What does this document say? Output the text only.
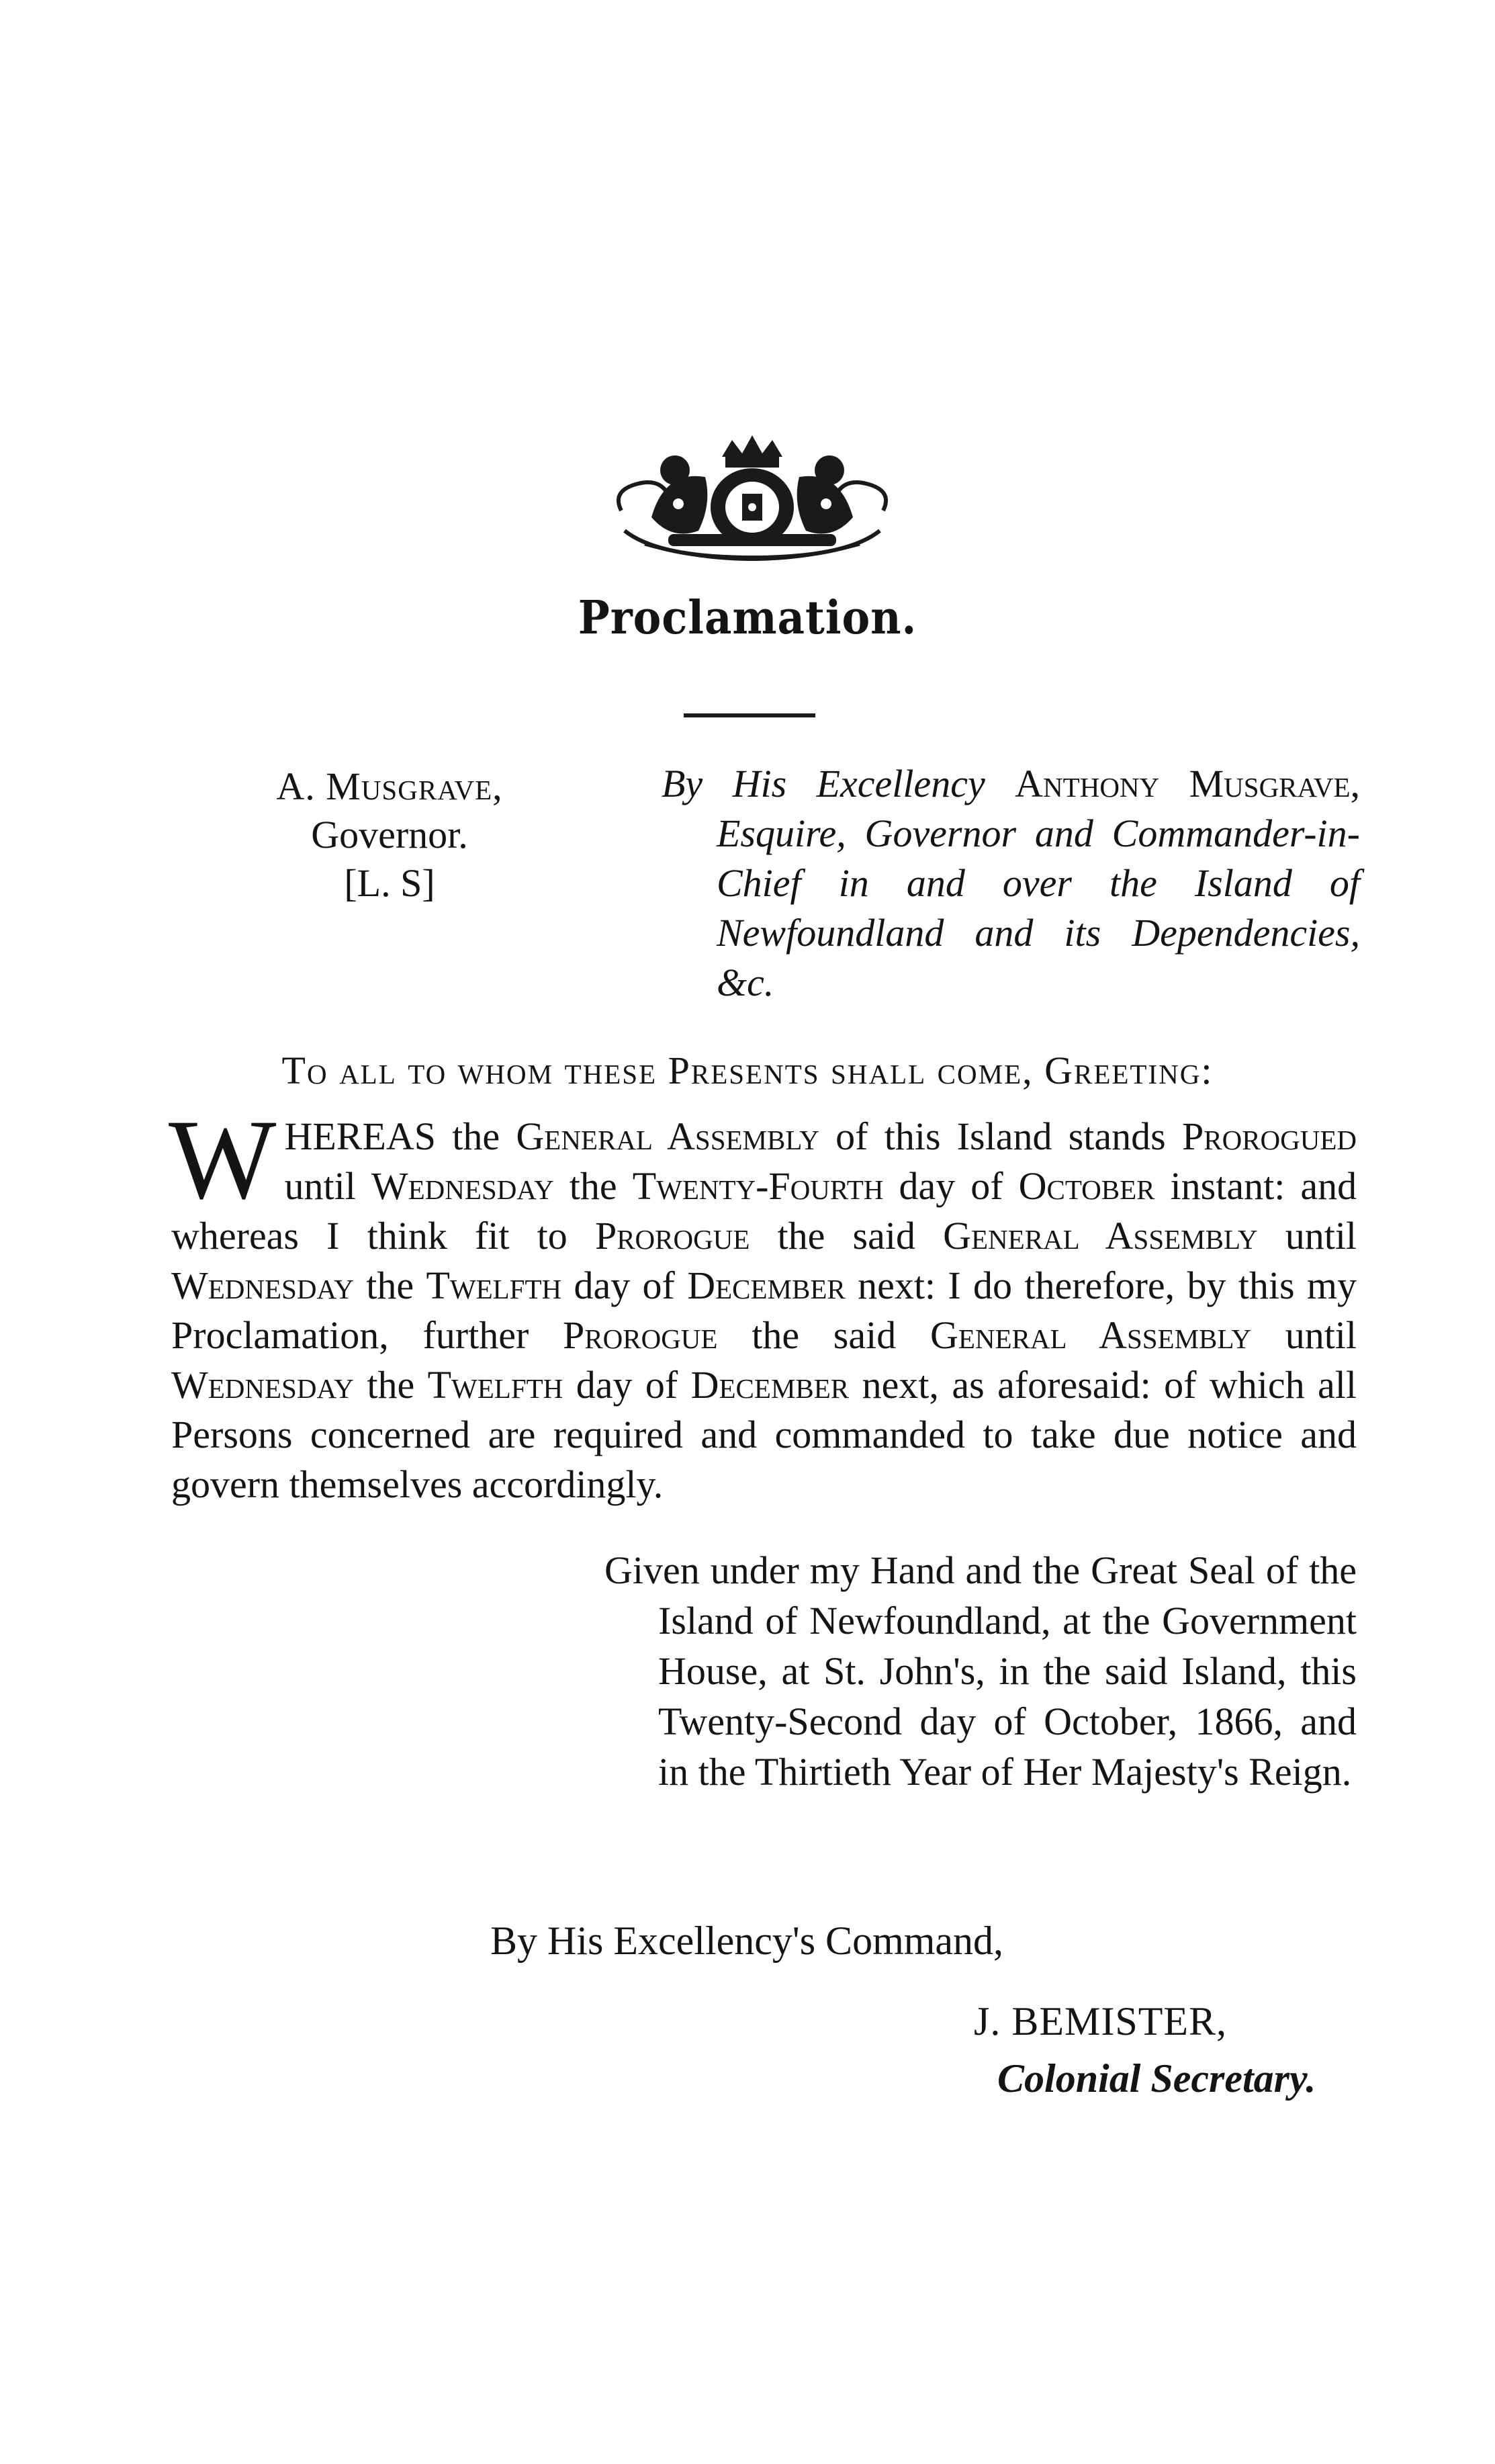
Proclamation.
A. Musgrave,
Governor.
[L. S]
By His Excellency Anthony Musgrave, Esquire, Governor and Commander-in-Chief in and over the Island of Newfoundland and its Dependencies, &c.
To all to whom these Presents shall come, Greeting:
W HEREAS the General Assembly of this Island stands Prorogued until Wednesday the Twenty-Fourth day of October instant: and whereas I think fit to Prorogue the said General Assembly until Wednesday the Twelfth day of December next: I do therefore, by this my Proclamation, further Prorogue the said General Assembly until Wednesday the Twelfth day of December next, as aforesaid: of which all Persons concerned are required and commanded to take due notice and govern themselves accordingly.
Given under my Hand and the Great Seal of the Island of Newfoundland, at the Government House, at St. John's, in the said Island, this Twenty-Second day of October, 1866, and in the Thirtieth Year of Her Majesty's Reign.
By His Excellency's Command,
J. BEMISTER,
Colonial Secretary.
